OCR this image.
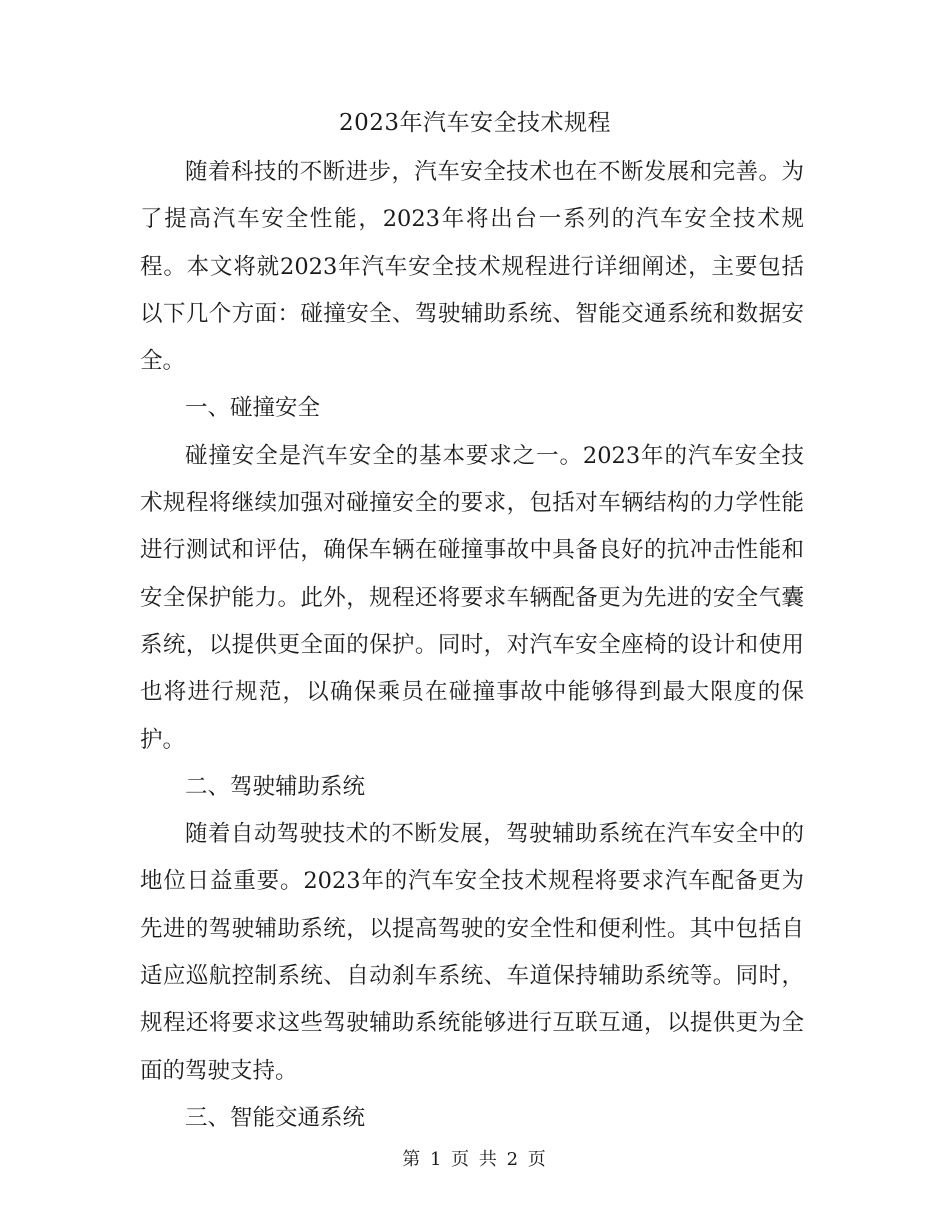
2023年汽车安全技术规程

随着科技的不断进步，汽车安全技术也在不断发展和完善。为了提高汽车安全性能，2023年将出台一系列的汽车安全技术规程。本文将就2023年汽车安全技术规程进行详细阐述，主要包括以下几个方面：碰撞安全、驾驶辅助系统、智能交通系统和数据安全。

一、碰撞安全

碰撞安全是汽车安全的基本要求之一。2023年的汽车安全技术规程将继续加强对碰撞安全的要求，包括对车辆结构的力学性能进行测试和评估，确保车辆在碰撞事故中具备良好的抗冲击性能和安全保护能力。此外，规程还将要求车辆配备更为先进的安全气囊系统，以提供更全面的保护。同时，对汽车安全座椅的设计和使用也将进行规范，以确保乘员在碰撞事故中能够得到最大限度的保护。

二、驾驶辅助系统

随着自动驾驶技术的不断发展，驾驶辅助系统在汽车安全中的地位日益重要。2023年的汽车安全技术规程将要求汽车配备更为先进的驾驶辅助系统，以提高驾驶的安全性和便利性。其中包括自适应巡航控制系统、自动刹车系统、车道保持辅助系统等。同时，规程还将要求这些驾驶辅助系统能够进行互联互通，以提供更为全面的驾驶支持。

三、智能交通系统

第 1 页 共 2 页
